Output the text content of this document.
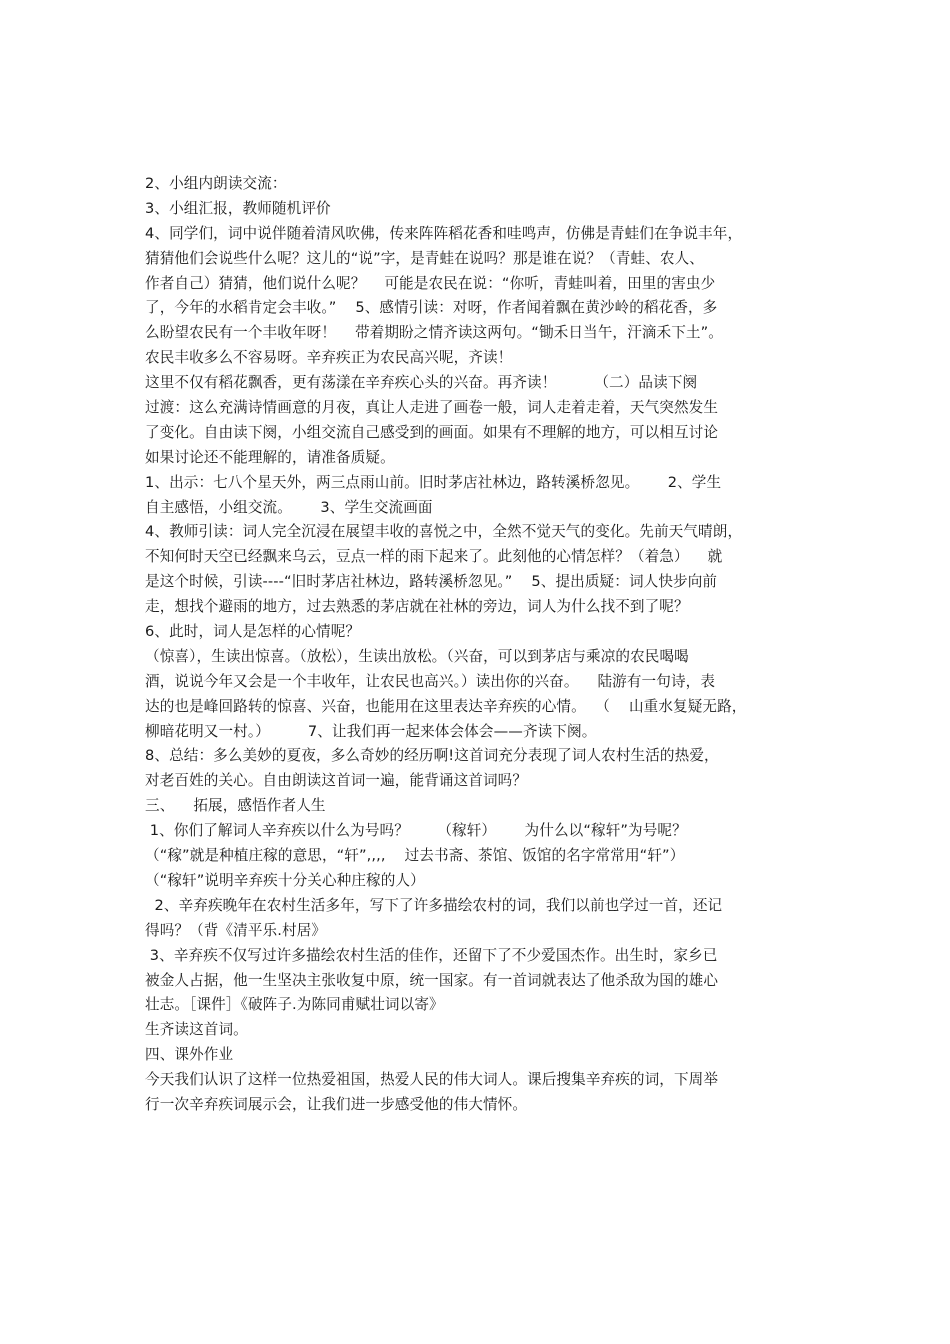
2、小组内朗读交流：
3、小组汇报，教师随机评价
4、同学们，词中说伴随着清风吹佛，传来阵阵稻花香和哇鸣声，仿佛是青蛙们在争说丰年，
猜猜他们会说些什么呢？这儿的“说”字，是青蛙在说吗？那是谁在说？（青蛙、农人、
作者自己）猜猜，他们说什么呢？    可能是农民在说：“你听，青蛙叫着，田里的害虫少
了，今年的水稻肯定会丰收。”    5、感情引读：对呀，作者闻着飘在黄沙岭的稻花香，多
么盼望农民有一个丰收年呀！    带着期盼之情齐读这两句。“锄禾日当午，汗滴禾下土”。
农民丰收多么不容易呀。辛弃疾正为农民高兴呢，齐读！
这里不仅有稻花飘香，更有荡漾在辛弃疾心头的兴奋。再齐读！        （二）品读下阕
过渡：这么充满诗情画意的月夜，真让人走进了画卷一般，词人走着走着，天气突然发生
了变化。自由读下阕，小组交流自己感受到的画面。如果有不理解的地方，可以相互讨论
如果讨论还不能理解的，请准备质疑。
1、出示：七八个星天外，两三点雨山前。旧时茅店社林边，路转溪桥忽见。      2、学生
自主感悟，小组交流。      3、学生交流画面
4、教师引读：词人完全沉浸在展望丰收的喜悦之中，全然不觉天气的变化。先前天气晴朗，
不知何时天空已经飘来乌云，豆点一样的雨下起来了。此刻他的心情怎样？（着急）    就
是这个时候，引读----“旧时茅店社林边，路转溪桥忽见。”    5、提出质疑：词人快步向前
走，想找个避雨的地方，过去熟悉的茅店就在社林的旁边，词人为什么找不到了呢？
6、此时，词人是怎样的心情呢？
（惊喜），生读出惊喜。（放松），生读出放松。（兴奋，可以到茅店与乘凉的农民喝喝
酒，说说今年又会是一个丰收年，让农民也高兴。）读出你的兴奋。    陆游有一句诗，表
达的也是峰回路转的惊喜、兴奋，也能用在这里表达辛弃疾的心情。  （    山重水复疑无路，
柳暗花明又一村。）        7、让我们再一起来体会体会——齐读下阕。
8、总结：多么美妙的夏夜，多么奇妙的经历啊!这首词充分表现了词人农村生活的热爱，
对老百姓的关心。自由朗读这首词一遍，能背诵这首词吗？
三、    拓展，感悟作者人生
1、你们了解词人辛弃疾以什么为号吗？      （稼轩）      为什么以“稼轩”为号呢？
（“稼”就是种植庄稼的意思，“轩”,,,,    过去书斋、茶馆、饭馆的名字常常用“轩”）
（“稼轩”说明辛弃疾十分关心种庄稼的人）
2、辛弃疾晚年在农村生活多年，写下了许多描绘农村的词，我们以前也学过一首，还记
得吗？（背《清平乐.村居》
3、辛弃疾不仅写过许多描绘农村生活的佳作，还留下了不少爱国杰作。出生时，家乡已
被金人占据，他一生坚决主张收复中原，统一国家。有一首词就表达了他杀敌为国的雄心
壮志。［课件］《破阵子.为陈同甫赋壮词以寄》
生齐读这首词。
四、课外作业
今天我们认识了这样一位热爱祖国，热爱人民的伟大词人。课后搜集辛弃疾的词，下周举
行一次辛弃疾词展示会，让我们进一步感受他的伟大情怀。
